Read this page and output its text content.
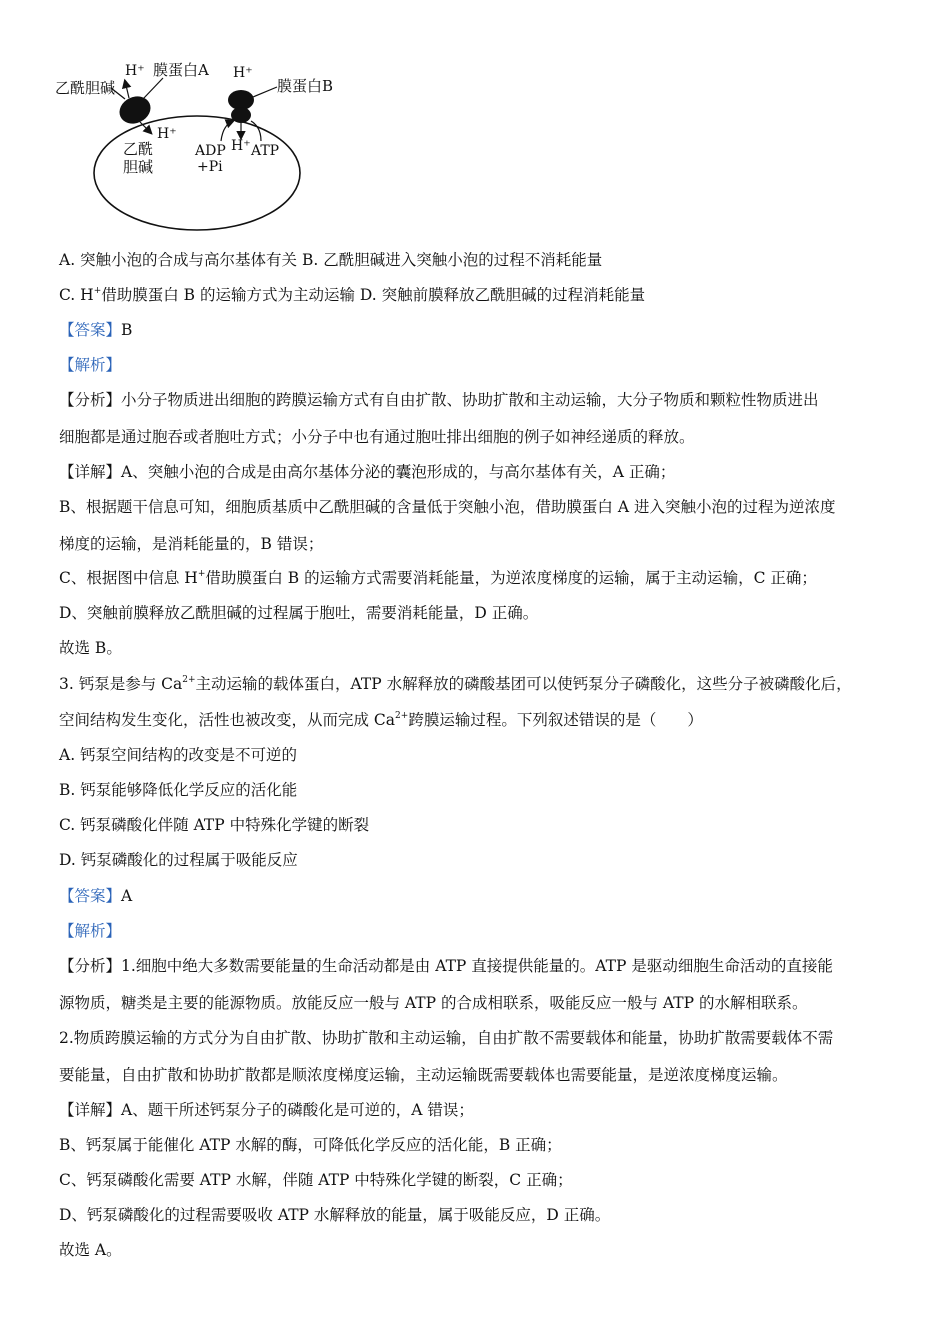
乙酰胆碱
H⁺ 膜蛋白A H⁺
膜蛋白B
H⁺
乙酰
胆碱
ADP
+Pi
H⁺ ATP
A. 突触小泡的合成与高尔基体有关 B. 乙酰胆碱进入突触小泡的过程不消耗能量
C. H+借助膜蛋白 B 的运输方式为主动运输 D. 突触前膜释放乙酰胆碱的过程消耗能量
【答案】B
【解析】
【分析】小分子物质进出细胞的跨膜运输方式有自由扩散、协助扩散和主动运输，大分子物质和颗粒性物质进出
细胞都是通过胞吞或者胞吐方式；小分子中也有通过胞吐排出细胞的例子如神经递质的释放。
【详解】A、突触小泡的合成是由高尔基体分泌的囊泡形成的，与高尔基体有关，A 正确；
B、根据题干信息可知，细胞质基质中乙酰胆碱的含量低于突触小泡，借助膜蛋白 A 进入突触小泡的过程为逆浓度
梯度的运输，是消耗能量的，B 错误；
C、根据图中信息 H+借助膜蛋白 B 的运输方式需要消耗能量，为逆浓度梯度的运输，属于主动运输，C 正确；
D、突触前膜释放乙酰胆碱的过程属于胞吐，需要消耗能量，D 正确。
故选 B。
3. 钙泵是参与 $Ca^{2+}$主动运输的载体蛋白，ATP 水解释放的磷酸基团可以使钙泵分子磷酸化，这些分子被磷酸化后，
空间结构发生变化，活性也被改变，从而完成 $Ca^{2+}$跨膜运输过程。下列叙述错误的是（　　）
A. 钙泵空间结构的改变是不可逆的
B. 钙泵能够降低化学反应的活化能
C. 钙泵磷酸化伴随 ATP 中特殊化学键的断裂
D. 钙泵磷酸化的过程属于吸能反应
【答案】A
【解析】
【分析】1.细胞中绝大多数需要能量的生命活动都是由 ATP 直接提供能量的。ATP 是驱动细胞生命活动的直接能
源物质，糖类是主要的能源物质。放能反应一般与 ATP 的合成相联系，吸能反应一般与 ATP 的水解相联系。
2.物质跨膜运输的方式分为自由扩散、协助扩散和主动运输，自由扩散不需要载体和能量，协助扩散需要载体不需
要能量，自由扩散和协助扩散都是顺浓度梯度运输，主动运输既需要载体也需要能量，是逆浓度梯度运输。
【详解】A、题干所述钙泵分子的磷酸化是可逆的，A 错误；
B、钙泵属于能催化 ATP 水解的酶，可降低化学反应的活化能，B 正确；
C、钙泵磷酸化需要 ATP 水解，伴随 ATP 中特殊化学键的断裂，C 正确；
D、钙泵磷酸化的过程需要吸收 ATP 水解释放的能量，属于吸能反应，D 正确。
故选 A。
